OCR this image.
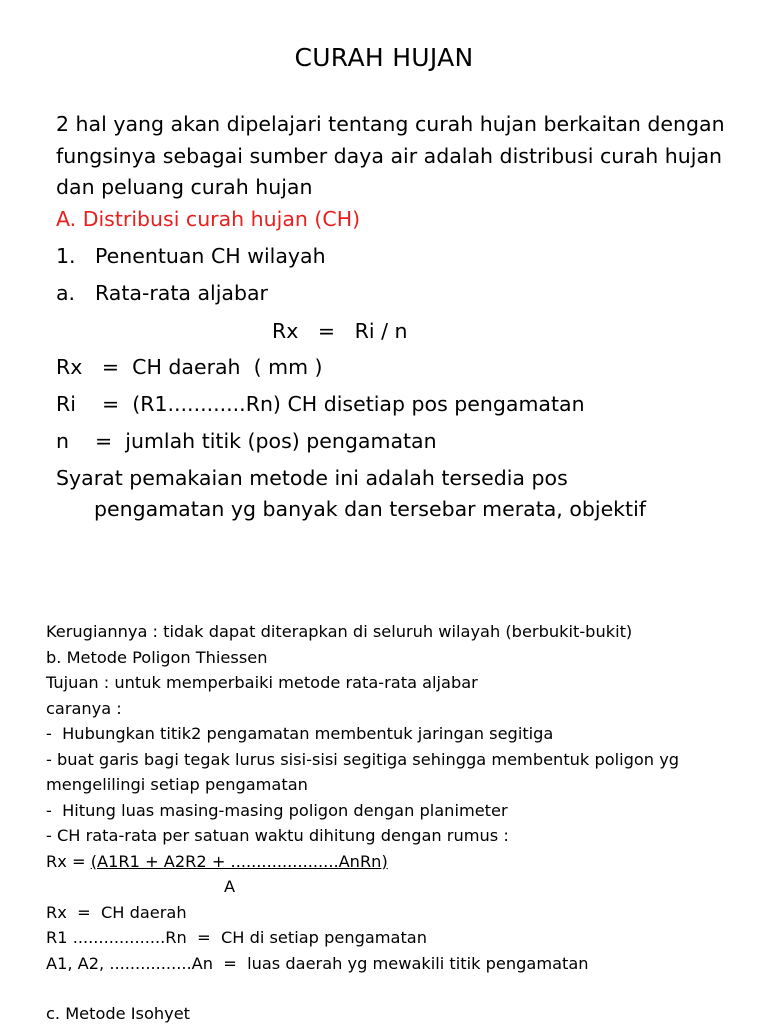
CURAH HUJAN
2 hal yang akan dipelajari tentang curah hujan berkaitan dengan fungsinya sebagai sumber daya air adalah distribusi curah hujan dan peluang curah hujan
A. Distribusi curah hujan (CH)
1. Penentuan CH wilayah
a. Rata-rata aljabar
Rx   =   Ri / n
Rx   =  CH daerah  ( mm )
Ri    =  (R1............Rn) CH disetiap pos pengamatan
n    =  jumlah titik (pos) pengamatan
Syarat pemakaian metode ini adalah tersedia pos
pengamatan yg banyak dan tersebar merata, objektif
Kerugiannya : tidak dapat diterapkan di seluruh wilayah (berbukit-bukit)
b. Metode Poligon Thiessen
Tujuan : untuk memperbaiki metode rata-rata aljabar
caranya :
-  Hubungkan titik2 pengamatan membentuk jaringan segitiga
- buat garis bagi tegak lurus sisi-sisi segitiga sehingga membentuk poligon yg mengelilingi setiap pengamatan
-  Hitung luas masing-masing poligon dengan planimeter
- CH rata-rata per satuan waktu dihitung dengan rumus :
Rx = (A1R1 + A2R2 + .....................AnRn)
A
Rx  =  CH daerah
R1 ..................Rn  =  CH di setiap pengamatan
A1, A2, ................An  =  luas daerah yg mewakili titik pengamatan
c. Metode Isohyet
